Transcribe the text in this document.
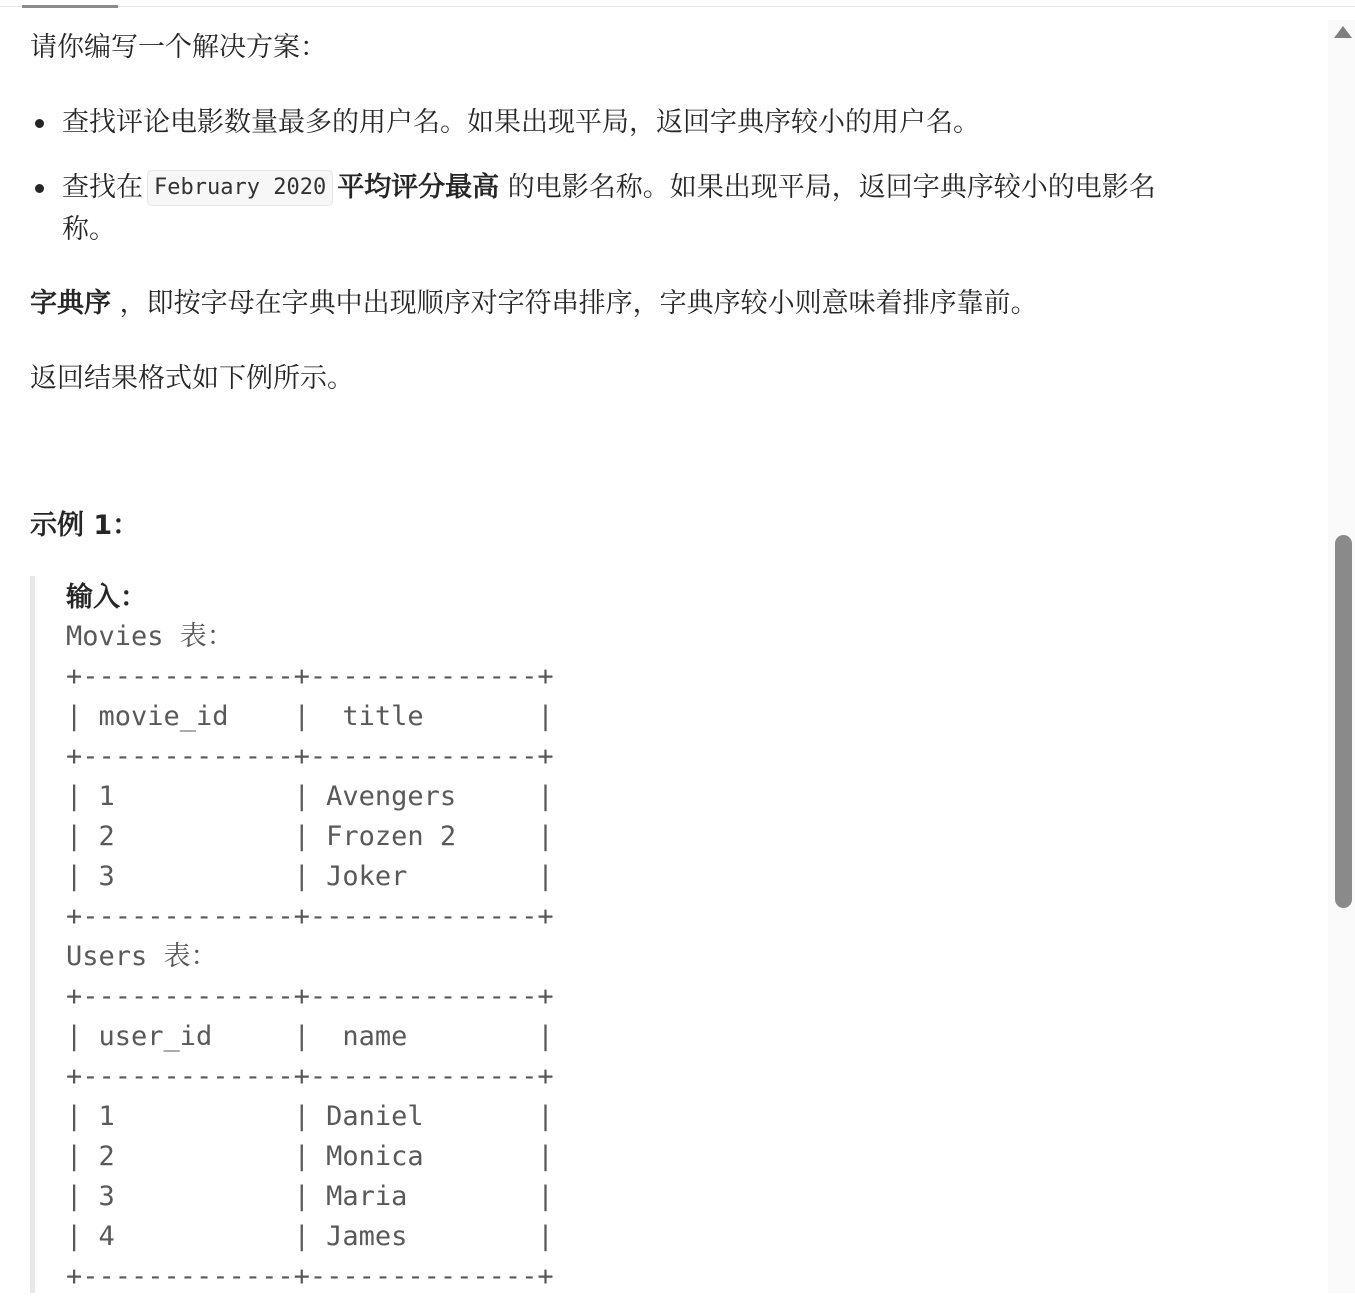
请你编写一个解决方案：
查找评论电影数量最多的用户名。如果出现平局，返回字典序较小的用户名。
查找在 February 2020 平均评分最高 的电影名称。如果出现平局，返回字典序较小的电影名
称。
字典序 ，即按字母在字典中出现顺序对字符串排序，字典序较小则意味着排序靠前。
返回结果格式如下例所示。
示例 1：
输入：
Movies 表：
+-------------+--------------+
| movie_id    |  title       |
+-------------+--------------+
| 1           | Avengers     |
| 2           | Frozen 2     |
| 3           | Joker        |
+-------------+--------------+
Users 表：
+-------------+--------------+
| user_id     |  name        |
+-------------+--------------+
| 1           | Daniel       |
| 2           | Monica       |
| 3           | Maria        |
| 4           | James        |
+-------------+--------------+
